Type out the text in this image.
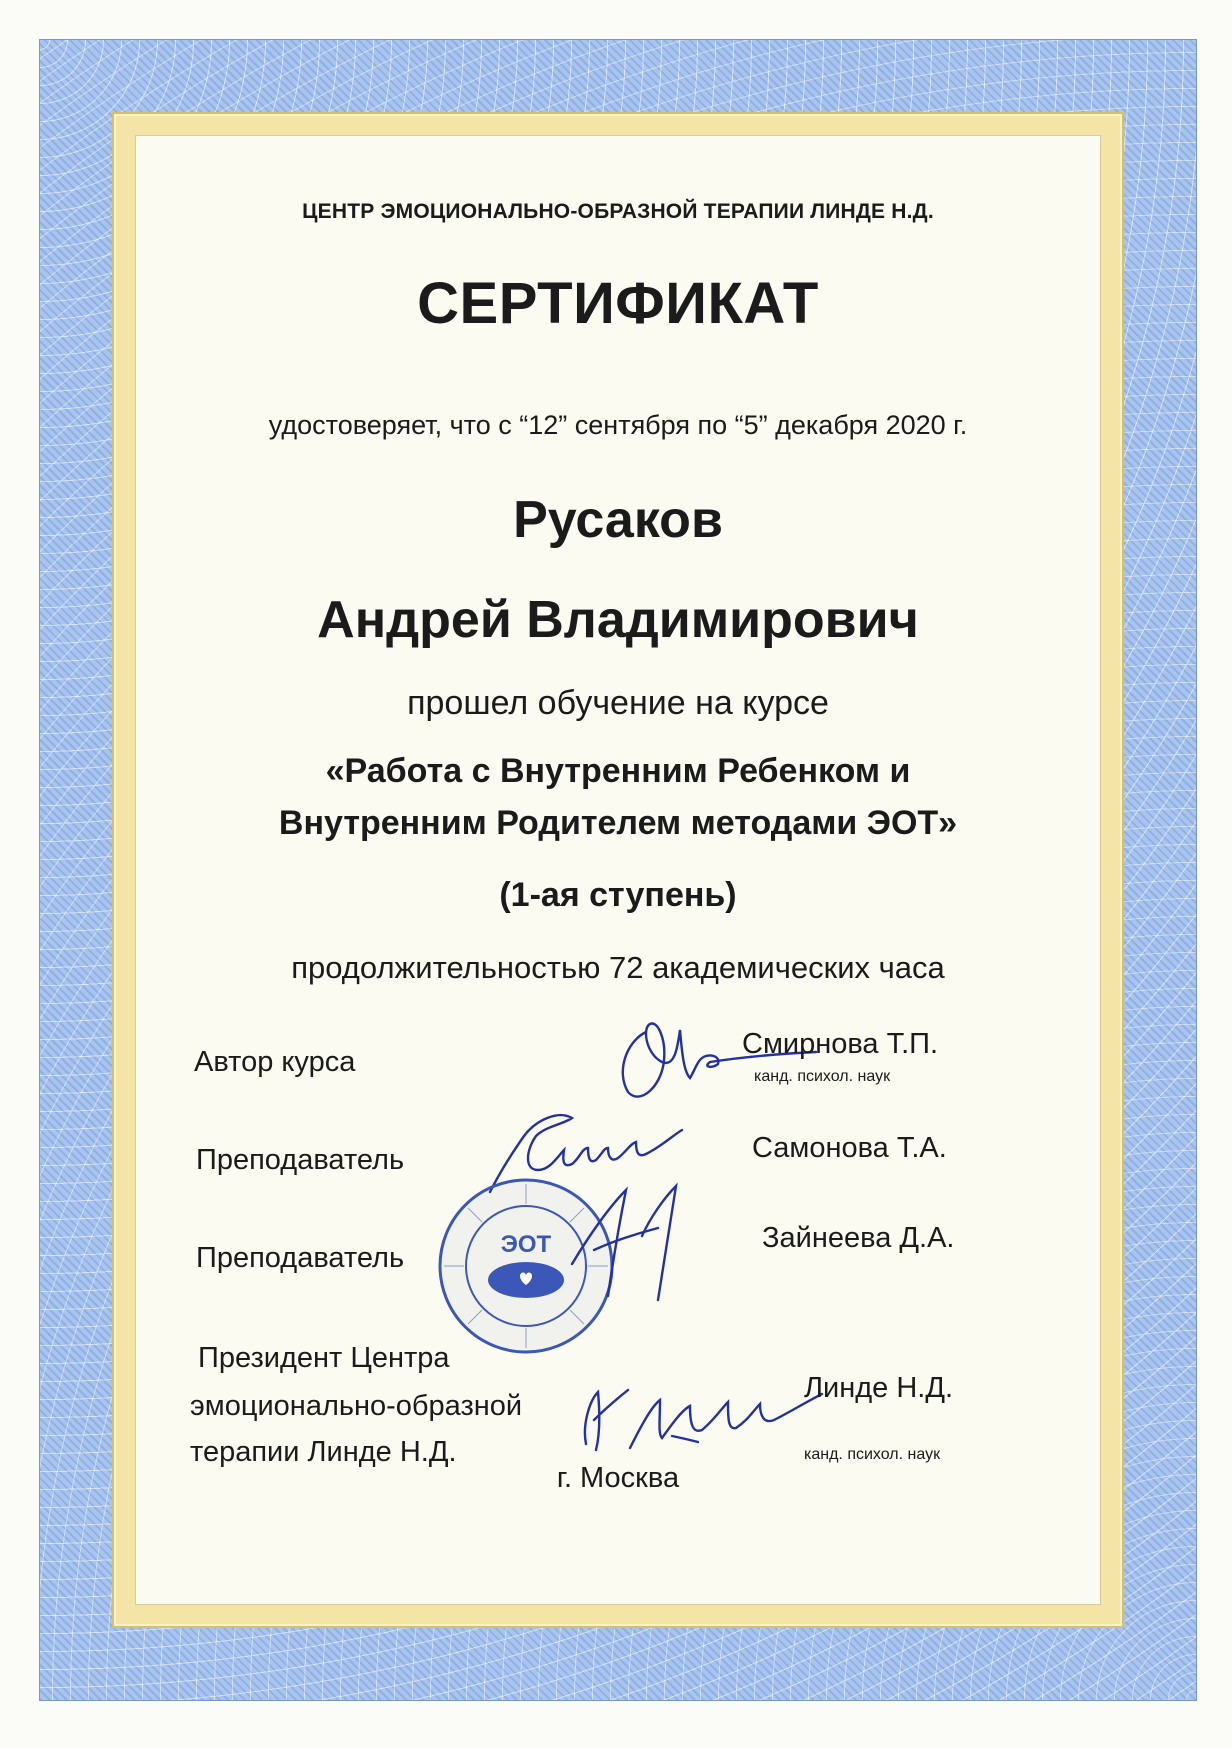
ЦЕНТР ЭМОЦИОНАЛЬНО-ОБРАЗНОЙ ТЕРАПИИ ЛИНДЕ Н.Д.
СЕРТИФИКАТ
удостоверяет, что с “12” сентября по “5” декабря 2020 г.
Русаков
Андрей Владимирович
прошел обучение на курсе
«Работа с Внутренним Ребенком и
Внутренним Родителем методами ЭОТ»
(1-ая ступень)
продолжительностью 72 академических часа
Автор курса
Смирнова Т.П.
канд. психол. наук
Преподаватель	Самонова Т.А.
Преподаватель
Зайнеева Д.А.
ЭОТ
Президент Центра
эмоционально-образной
терапии Линде Н.Д.
Линде Н.Д.
канд. психол. наук
г. Москва
